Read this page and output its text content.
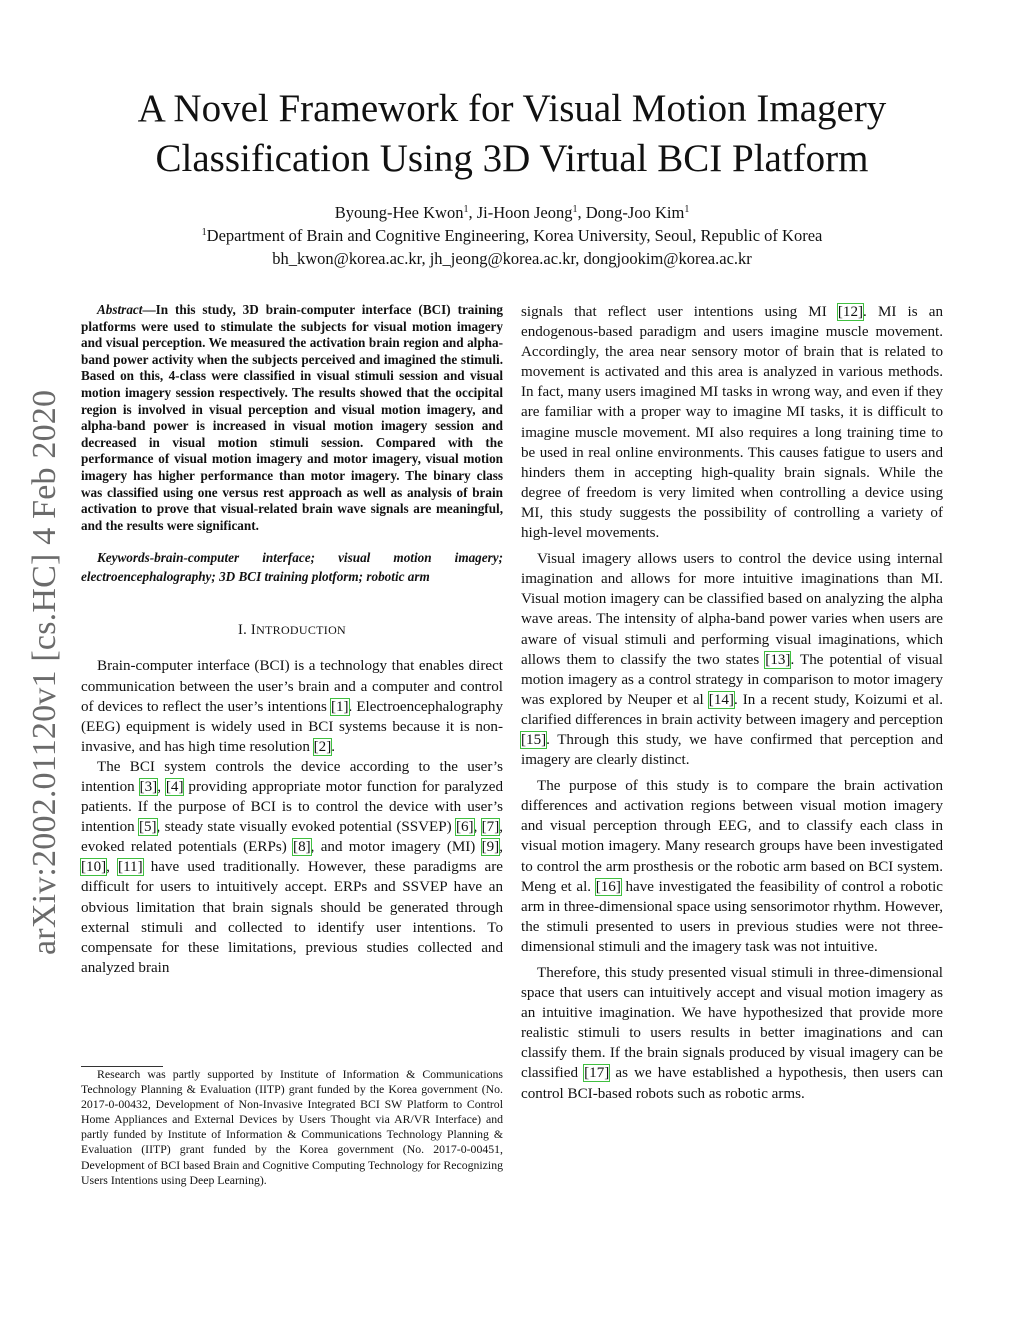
arXiv:2002.01120v1 [cs.HC] 4 Feb 2020
A Novel Framework for Visual Motion Imagery
Classification Using 3D Virtual BCI Platform
Byoung-Hee Kwon$^1$, Ji-Hoon Jeong$^1$, Dong-Joo Kim$^1$
$^1$Department of Brain and Cognitive Engineering, Korea University, Seoul, Republic of Korea
bh_kwon@korea.ac.kr, jh_jeong@korea.ac.kr, dongjookim@korea.ac.kr

Abstract—In this study, 3D brain-computer interface (BCI) training platforms were used to stimulate the subjects for visual motion imagery and visual perception. We measured the activation brain region and alpha-band power activity when the subjects perceived and imagined the stimuli. Based on this, 4-class were classified in visual stimuli session and visual motion imagery session respectively. The results showed that the occipital region is involved in visual perception and visual motion imagery, and alpha-band power is increased in visual motion imagery session and decreased in visual motion stimuli session. Compared with the performance of visual motion imagery and motor imagery, visual motion imagery has higher performance than motor imagery. The binary class was classified using one versus rest approach as well as analysis of brain activation to prove that visual-related brain wave signals are meaningful, and the results were significant.

Keywords-brain-computer interface; visual motion imagery; electroencephalography; 3D BCI training plotform; robotic arm

I. INTRODUCTION

Brain-computer interface (BCI) is a technology that enables direct communication between the user’s brain and a computer and control of devices to reflect the user’s intentions [1]. Electroencephalography (EEG) equipment is widely used in BCI systems because it is non-invasive, and has high time resolution [2].

The BCI system controls the device according to the user’s intention [3], [4] providing appropriate motor function for paralyzed patients. If the purpose of BCI is to control the device with user’s intention [5], steady state visually evoked potential (SSVEP) [6], [7], evoked related potentials (ERPs) [8], and motor imagery (MI) [9], [10], [11] have used traditionally. However, these paradigms are difficult for users to intuitively accept. ERPs and SSVEP have an obvious limitation that brain signals should be generated through external stimuli and collected to identify user intentions. To compensate for these limitations, previous studies collected and analyzed brain

Research was partly supported by Institute of Information & Communications Technology Planning & Evaluation (IITP) grant funded by the Korea government (No. 2017-0-00432, Development of Non-Invasive Integrated BCI SW Platform to Control Home Appliances and External Devices by Users Thought via AR/VR Interface) and partly funded by Institute of Information & Communications Technology Planning & Evaluation (IITP) grant funded by the Korea government (No. 2017-0-00451, Development of BCI based Brain and Cognitive Computing Technology for Recognizing Users Intentions using Deep Learning).

signals that reflect user intentions using MI [12]. MI is an endogenous-based paradigm and users imagine muscle movement. Accordingly, the area near sensory motor of brain that is related to movement is activated and this area is analyzed in various methods. In fact, many users imagined MI tasks in wrong way, and even if they are familiar with a proper way to imagine MI tasks, it is difficult to imagine muscle movement. MI also requires a long training time to be used in real online environments. This causes fatigue to users and hinders them in accepting high-quality brain signals. While the degree of freedom is very limited when controlling a device using MI, this study suggests the possibility of controlling a variety of high-level movements.

Visual imagery allows users to control the device using internal imagination and allows for more intuitive imaginations than MI. Visual motion imagery can be classified based on analyzing the alpha wave areas. The intensity of alpha-band power varies when users are aware of visual stimuli and performing visual imaginations, which allows them to classify the two states [13]. The potential of visual motion imagery as a control strategy in comparison to motor imagery was explored by Neuper et al [14]. In a recent study, Koizumi et al. clarified differences in brain activity between imagery and perception [15]. Through this study, we have confirmed that perception and imagery are clearly distinct.

The purpose of this study is to compare the brain activation differences and activation regions between visual motion imagery and visual perception through EEG, and to classify each class in visual motion imagery. Many research groups have been investigated to control the arm prosthesis or the robotic arm based on BCI system. Meng et al. [16] have investigated the feasibility of control a robotic arm in three-dimensional space using sensorimotor rhythm. However, the stimuli presented to users in previous studies were not three-dimensional stimuli and the imagery task was not intuitive.

Therefore, this study presented visual stimuli in three-dimensional space that users can intuitively accept and visual motion imagery as an intuitive imagination. We have hypothesized that provide more realistic stimuli to users results in better imaginations and can classify them. If the brain signals produced by visual imagery can be classified [17] as we have established a hypothesis, then users can control BCI-based robots such as robotic arms.
